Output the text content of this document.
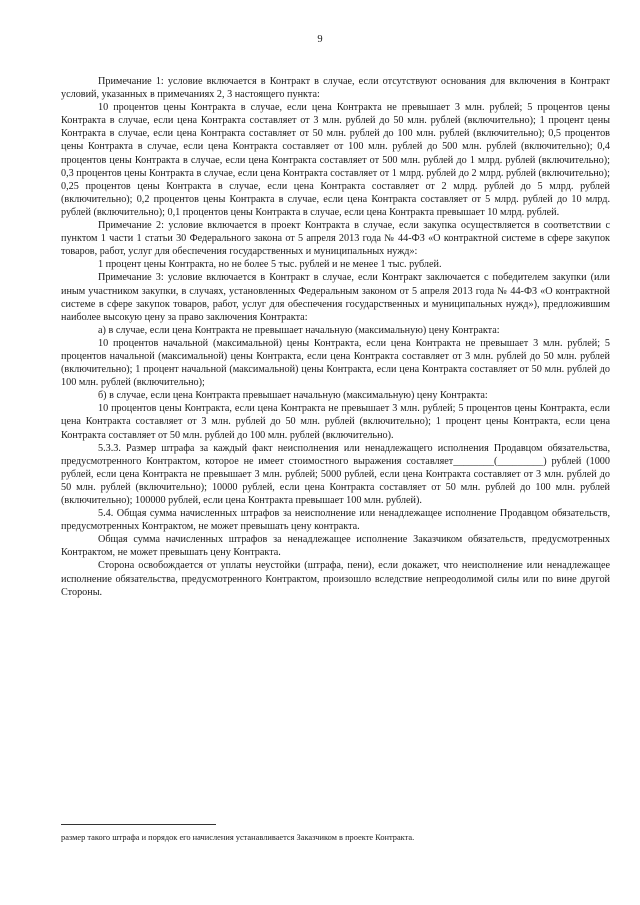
9

Примечание 1: условие включается в Контракт в случае, если отсутствуют основания для включения в Контракт условий, указанных в примечаниях 2, 3 настоящего пункта:

10 процентов цены Контракта в случае, если цена Контракта не превышает 3 млн. рублей; 5 процентов цены Контракта в случае, если цена Контракта составляет от 3 млн. рублей до 50 млн. рублей (включительно); 1 процент цены Контракта в случае, если цена Контракта составляет от 50 млн. рублей до 100 млн. рублей (включительно); 0,5 процентов цены Контракта в случае, если цена Контракта составляет от 100 млн. рублей до 500 млн. рублей (включительно); 0,4 процентов цены Контракта в случае, если цена Контракта составляет от 500 млн. рублей до 1 млрд. рублей (включительно); 0,3 процентов цены Контракта в случае, если цена Контракта составляет от 1 млрд. рублей до 2 млрд. рублей (включительно); 0,25 процентов цены Контракта в случае, если цена Контракта составляет от 2 млрд. рублей до 5 млрд. рублей (включительно); 0,2 процентов цены Контракта в случае, если цена Контракта составляет от 5 млрд. рублей до 10 млрд. рублей (включительно); 0,1 процентов цены Контракта в случае, если цена Контракта превышает 10 млрд. рублей.

Примечание 2: условие включается в проект Контракта в случае, если закупка осуществляется в соответствии с пунктом 1 части 1 статьи 30 Федерального закона от 5 апреля 2013 года № 44-ФЗ «О контрактной системе в сфере закупок товаров, работ, услуг для обеспечения государственных и муниципальных нужд»:

1 процент цены Контракта, но не более 5 тыс. рублей и не менее 1 тыс. рублей.

Примечание 3: условие включается в Контракт в случае, если Контракт заключается с победителем закупки (или иным участником закупки, в случаях, установленных Федеральным законом от 5 апреля 2013 года № 44-ФЗ «О контрактной системе в сфере закупок товаров, работ, услуг для обеспечения государственных и муниципальных нужд»), предложившим наиболее высокую цену за право заключения Контракта:

а) в случае, если цена Контракта не превышает начальную (максимальную) цену Контракта:

10 процентов начальной (максимальной) цены Контракта, если цена Контракта не превышает 3 млн. рублей; 5 процентов начальной (максимальной) цены Контракта, если цена Контракта составляет от 3 млн. рублей до 50 млн. рублей (включительно); 1 процент начальной (максимальной) цены Контракта, если цена Контракта составляет от 50 млн. рублей до 100 млн. рублей (включительно);

б) в случае, если цена Контракта превышает начальную (максимальную) цену Контракта:

10 процентов цены Контракта, если цена Контракта не превышает 3 млн. рублей; 5 процентов цены Контракта, если цена Контракта составляет от 3 млн. рублей до 50 млн. рублей (включительно); 1 процент цены Контракта, если цена Контракта составляет от 50 млн. рублей до 100 млн. рублей (включительно).

5.3.3. Размер штрафа за каждый факт неисполнения или ненадлежащего исполнения Продавцом обязательства, предусмотренного Контрактом, которое не имеет стоимостного выражения составляет________(_________) рублей (1000 рублей, если цена Контракта не превышает 3 млн. рублей; 5000 рублей, если цена Контракта составляет от 3 млн. рублей до 50 млн. рублей (включительно); 10000 рублей, если цена Контракта составляет от 50 млн. рублей до 100 млн. рублей (включительно); 100000 рублей, если цена Контракта превышает 100 млн. рублей).

5.4. Общая сумма начисленных штрафов за неисполнение или ненадлежащее исполнение Продавцом обязательств, предусмотренных Контрактом, не может превышать цену контракта.

Общая сумма начисленных штрафов за ненадлежащее исполнение Заказчиком обязательств, предусмотренных Контрактом, не может превышать цену Контракта.

Сторона освобождается от уплаты неустойки (штрафа, пени), если докажет, что неисполнение или ненадлежащее исполнение обязательства, предусмотренного Контрактом, произошло вследствие непреодолимой силы или по вине другой Стороны.

размер такого штрафа и порядок его начисления устанавливается Заказчиком в проекте Контракта.
